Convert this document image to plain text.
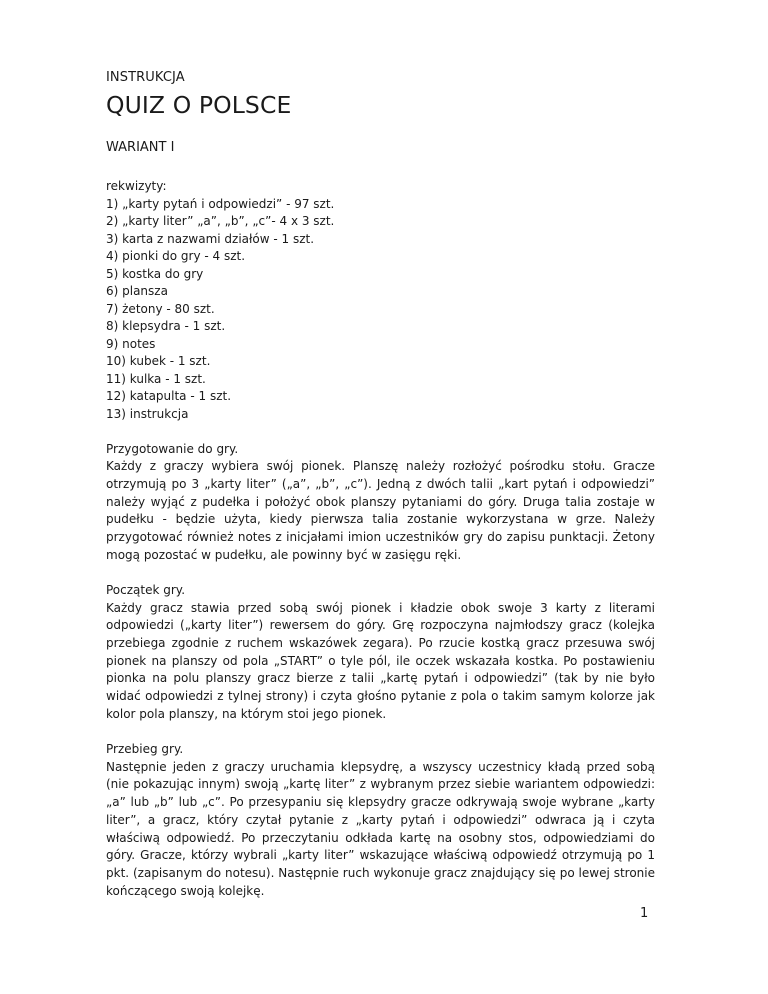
INSTRUKCJA

QUIZ O POLSCE

WARIANT I

rekwizyty:
1) „karty pytań i odpowiedzi” - 97 szt.
2) „karty liter” „a”, „b”, „c”- 4 x 3 szt.
3) karta z nazwami działów - 1 szt.
4) pionki do gry - 4 szt.
5) kostka do gry
6) plansza
7) żetony - 80 szt.
8) klepsydra - 1 szt.
9) notes
10) kubek - 1 szt.
11) kulka - 1 szt.
12) katapulta - 1 szt.
13) instrukcja
Przygotowanie do gry.
Każdy z graczy wybiera swój pionek. Planszę należy rozłożyć pośrodku stołu. Gracze otrzymują po 3 „karty liter” („a”, „b”, „c”). Jedną z dwóch talii „kart pytań i odpowiedzi” należy wyjąć z pudełka i położyć obok planszy pytaniami do góry. Druga talia zostaje w pudełku - będzie użyta, kiedy pierwsza talia zostanie wykorzystana w grze. Należy przygotować również notes z inicjałami imion uczestników gry do zapisu punktacji. Żetony mogą pozostać w pudełku, ale powinny być w zasięgu ręki.
Początek gry.
Każdy gracz stawia przed sobą swój pionek i kładzie obok swoje 3 karty z literami odpowiedzi („karty liter”) rewersem do góry. Grę rozpoczyna najmłodszy gracz (kolejka przebiega zgodnie z ruchem wskazówek zegara). Po rzucie kostką gracz przesuwa swój pionek na planszy od pola „START” o tyle pól, ile oczek wskazała kostka. Po postawieniu pionka na polu planszy gracz bierze z talii „kartę pytań i odpowiedzi” (tak by nie było widać odpowiedzi z tylnej strony) i czyta głośno pytanie z pola o takim samym kolorze jak kolor pola planszy, na którym stoi jego pionek.
Przebieg gry.
Następnie jeden z graczy uruchamia klepsydrę, a wszyscy uczestnicy kładą przed sobą (nie pokazując innym) swoją „kartę liter” z wybranym przez siebie wariantem odpowiedzi: „a” lub „b” lub „c”. Po przesypaniu się klepsydry gracze odkrywają swoje wybrane „karty liter”, a gracz, który czytał pytanie z „karty pytań i odpowiedzi” odwraca ją i czyta właściwą odpowiedź. Po przeczytaniu odkłada kartę na osobny stos, odpowiedziami do góry. Gracze, którzy wybrali „karty liter” wskazujące właściwą odpowiedź otrzymują po 1 pkt. (zapisanym do notesu). Następnie ruch wykonuje gracz znajdujący się po lewej stronie kończącego swoją kolejkę.
1
